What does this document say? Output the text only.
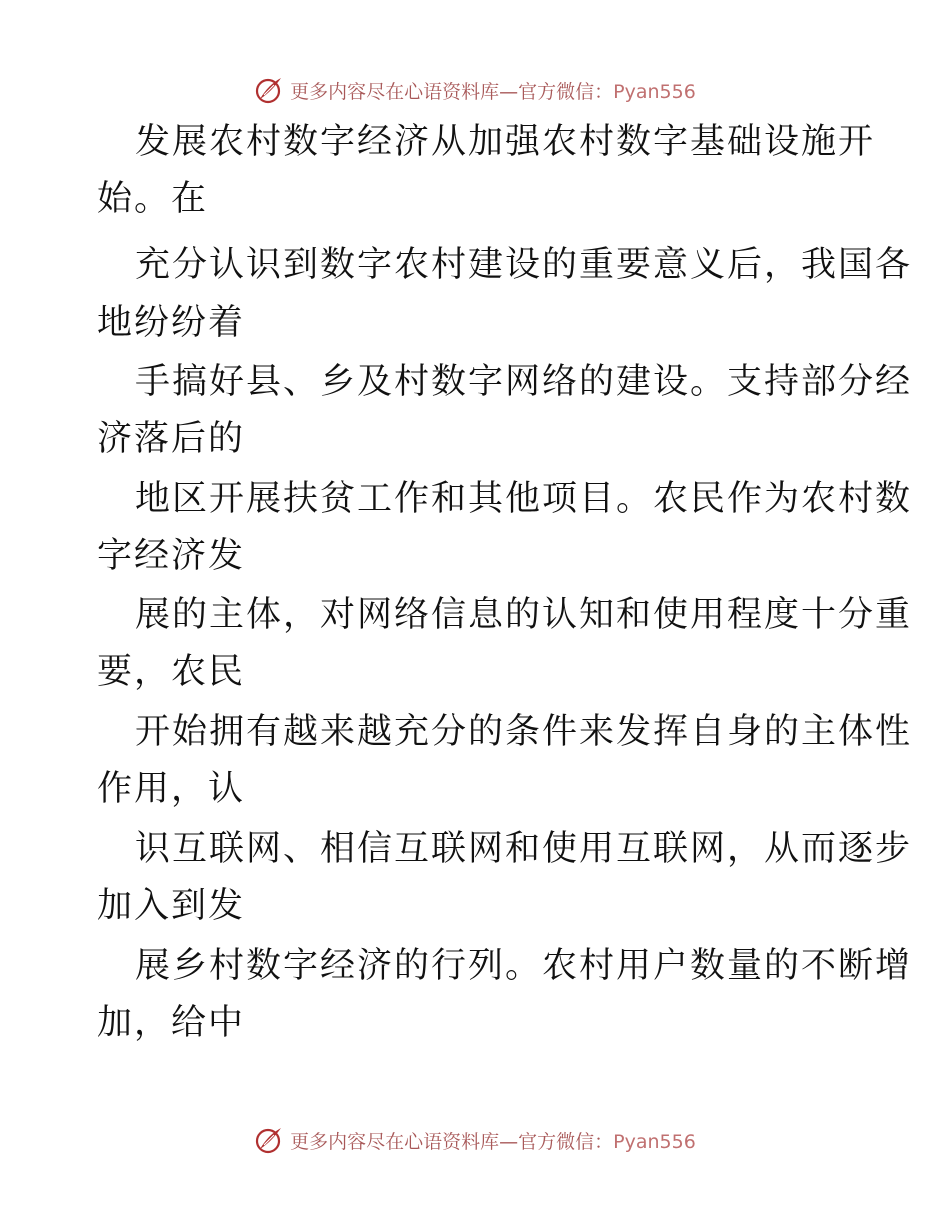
更多内容尽在心语资料库—官方微信：Pyan556
发展农村数字经济从加强农村数字基础设施开
始。在
充分认识到数字农村建设的重要意义后，我国各
地纷纷着
手搞好县、乡及村数字网络的建设。支持部分经
济落后的
地区开展扶贫工作和其他项目。农民作为农村数
字经济发
展的主体，对网络信息的认知和使用程度十分重
要，农民
开始拥有越来越充分的条件来发挥自身的主体性
作用，认
识互联网、相信互联网和使用互联网，从而逐步
加入到发
展乡村数字经济的行列。农村用户数量的不断增
加，给中
更多内容尽在心语资料库—官方微信：Pyan556
